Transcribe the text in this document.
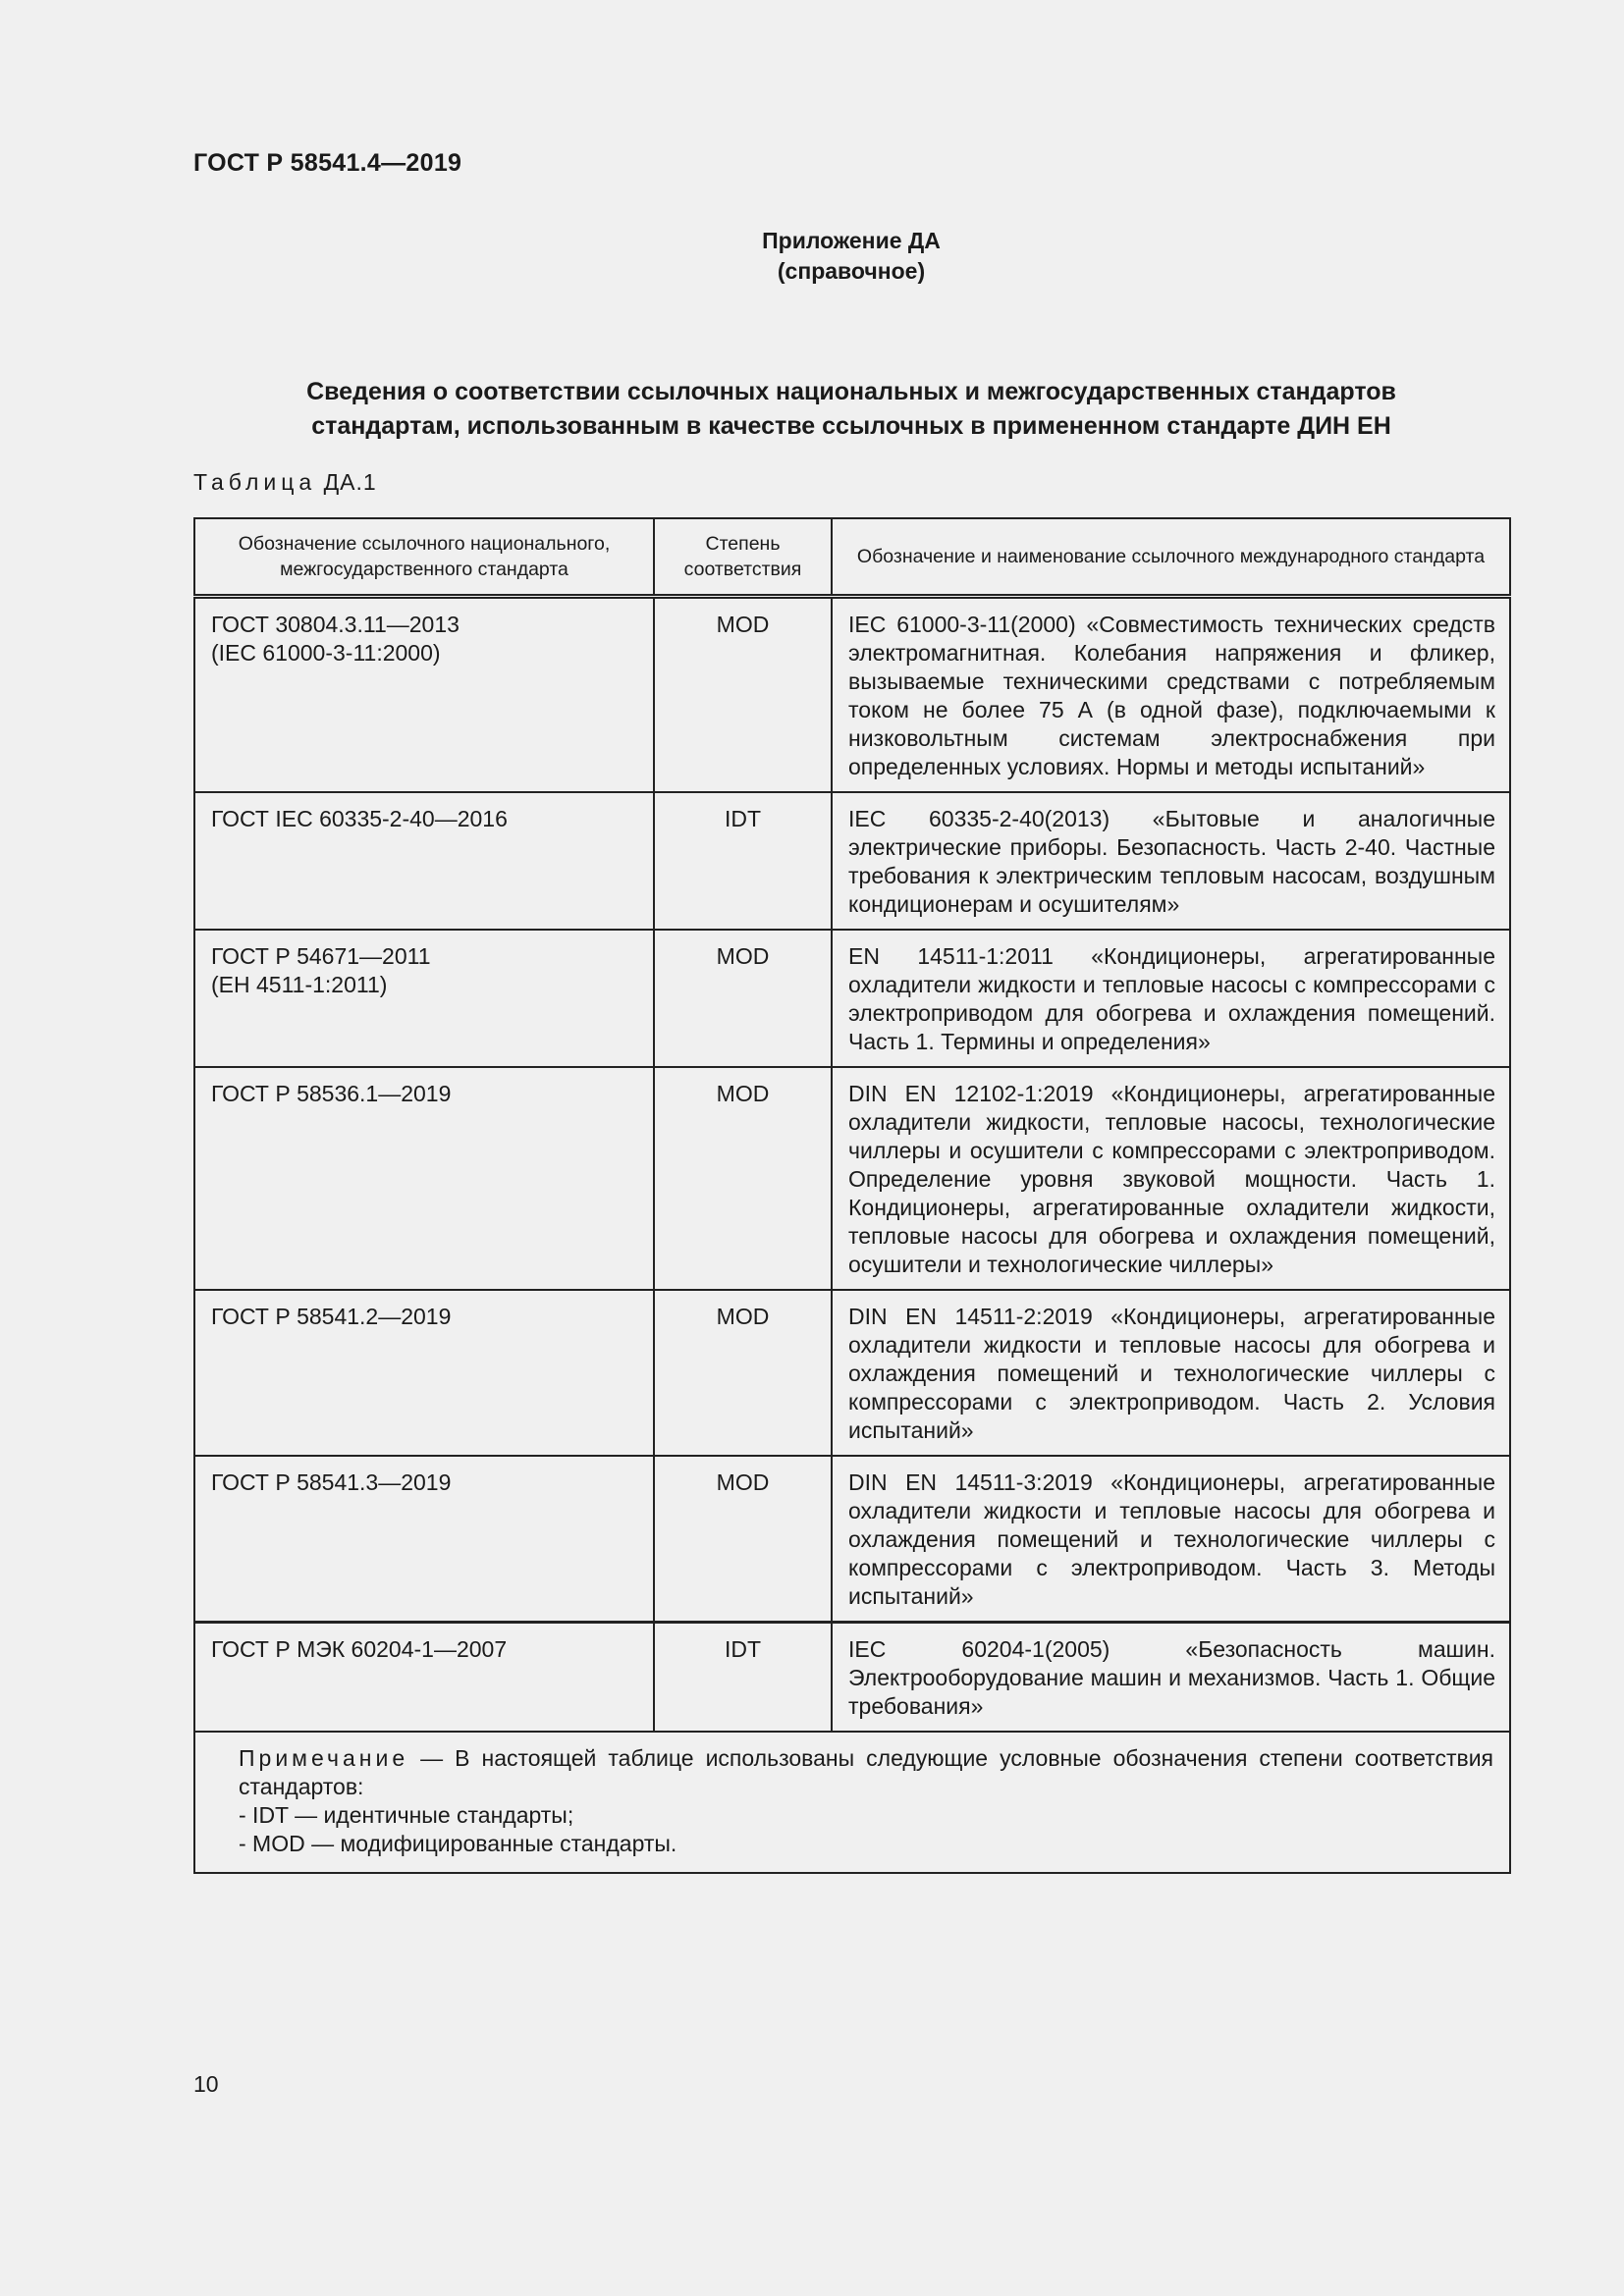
ГОСТ Р 58541.4—2019
Приложение ДА
(справочное)
Сведения о соответствии ссылочных национальных и межгосударственных стандартов
стандартам, использованным в качестве ссылочных в примененном стандарте ДИН ЕН
Таблица ДА.1
Обозначение ссылочного национального, межгосударственного стандарта	Степень соответствия	Обозначение и наименование ссылочного международного стандарта

ГОСТ 30804.3.11—2013
(IEC 61000-3-11:2000)	MOD	IEC 61000-3-11(2000) «Совместимость технических средств электромагнитная. Колебания напряжения и фликер, вызываемые техническими средствами с потребляемым током не более 75 А (в одной фазе), подключаемыми к низковольтным системам электроснабжения при определенных условиях. Нормы и методы испытаний»

ГОСТ IEC 60335-2-40—2016	IDT	IEC 60335-2-40(2013) «Бытовые и аналогичные электрические приборы. Безопасность. Часть 2-40. Частные требования к электрическим тепловым насосам, воздушным кондиционерам и осушителям»

ГОСТ Р 54671—2011
(ЕН 4511-1:2011)	MOD	EN 14511-1:2011 «Кондиционеры, агрегатированные охладители жидкости и тепловые насосы с компрессорами с электроприводом для обогрева и охлаждения помещений. Часть 1. Термины и определения»

ГОСТ Р 58536.1—2019	MOD	DIN EN 12102-1:2019 «Кондиционеры, агрегатированные охладители жидкости, тепловые насосы, технологические чиллеры и осушители с компрессорами с электроприводом. Определение уровня звуковой мощности. Часть 1. Кондиционеры, агрегатированные охладители жидкости, тепловые насосы для обогрева и охлаждения помещений, осушители и технологические чиллеры»

ГОСТ Р 58541.2—2019	MOD	DIN EN 14511-2:2019 «Кондиционеры, агрегатированные охладители жидкости и тепловые насосы для обогрева и охлаждения помещений и технологические чиллеры с компрессорами с электроприводом. Часть 2. Условия испытаний»

ГОСТ Р 58541.3—2019	MOD	DIN EN 14511-3:2019 «Кондиционеры, агрегатированные охладители жидкости и тепловые насосы для обогрева и охлаждения помещений и технологические чиллеры с компрессорами с электроприводом. Часть 3. Методы испытаний»

ГОСТ Р МЭК 60204-1—2007	IDT	IEC 60204-1(2005) «Безопасность машин. Электрооборудование машин и механизмов. Часть 1. Общие требования»

Примечание — В настоящей таблице использованы следующие условные обозначения степени соответствия стандартов:
- IDT — идентичные стандарты;
- MOD — модифицированные стандарты.		
10
